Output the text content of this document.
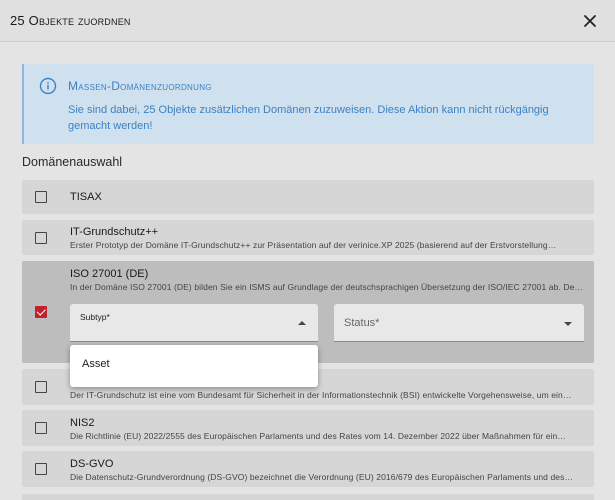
25 Objekte zuordnen
Massen-Domänenzuordnung
Sie sind dabei, 25 Objekte zusätzlichen Domänen zuzuweisen. Diese Aktion kann nicht rückgängig gemacht werden!
Domänenauswahl
TISAX
IT-Grundschutz++
Erster Prototyp der Domäne IT-Grundschutz++ zur Präsentation auf der verinice.XP 2025 (basierend auf der Erstvorstellung…
ISO 27001 (DE)
In der Domäne ISO 27001 (DE) bilden Sie ein ISMS auf Grundlage der deutschsprachigen Übersetzung der ISO/IEC 27001 ab. De…
Subtyp*	Status*
Der IT-Grundschutz ist eine vom Bundesamt für Sicherheit in der Informationstechnik (BSI) entwickelte Vorgehensweise, um ein…
NIS2
Die Richtlinie (EU) 2022/2555 des Europäischen Parlaments und des Rates vom 14. Dezember 2022 über Maßnahmen für ein…
DS-GVO
Die Datenschutz-Grundverordnung (DS-GVO) bezeichnet die Verordnung (EU) 2016/679 des Europäischen Parlaments und des…
Asset
